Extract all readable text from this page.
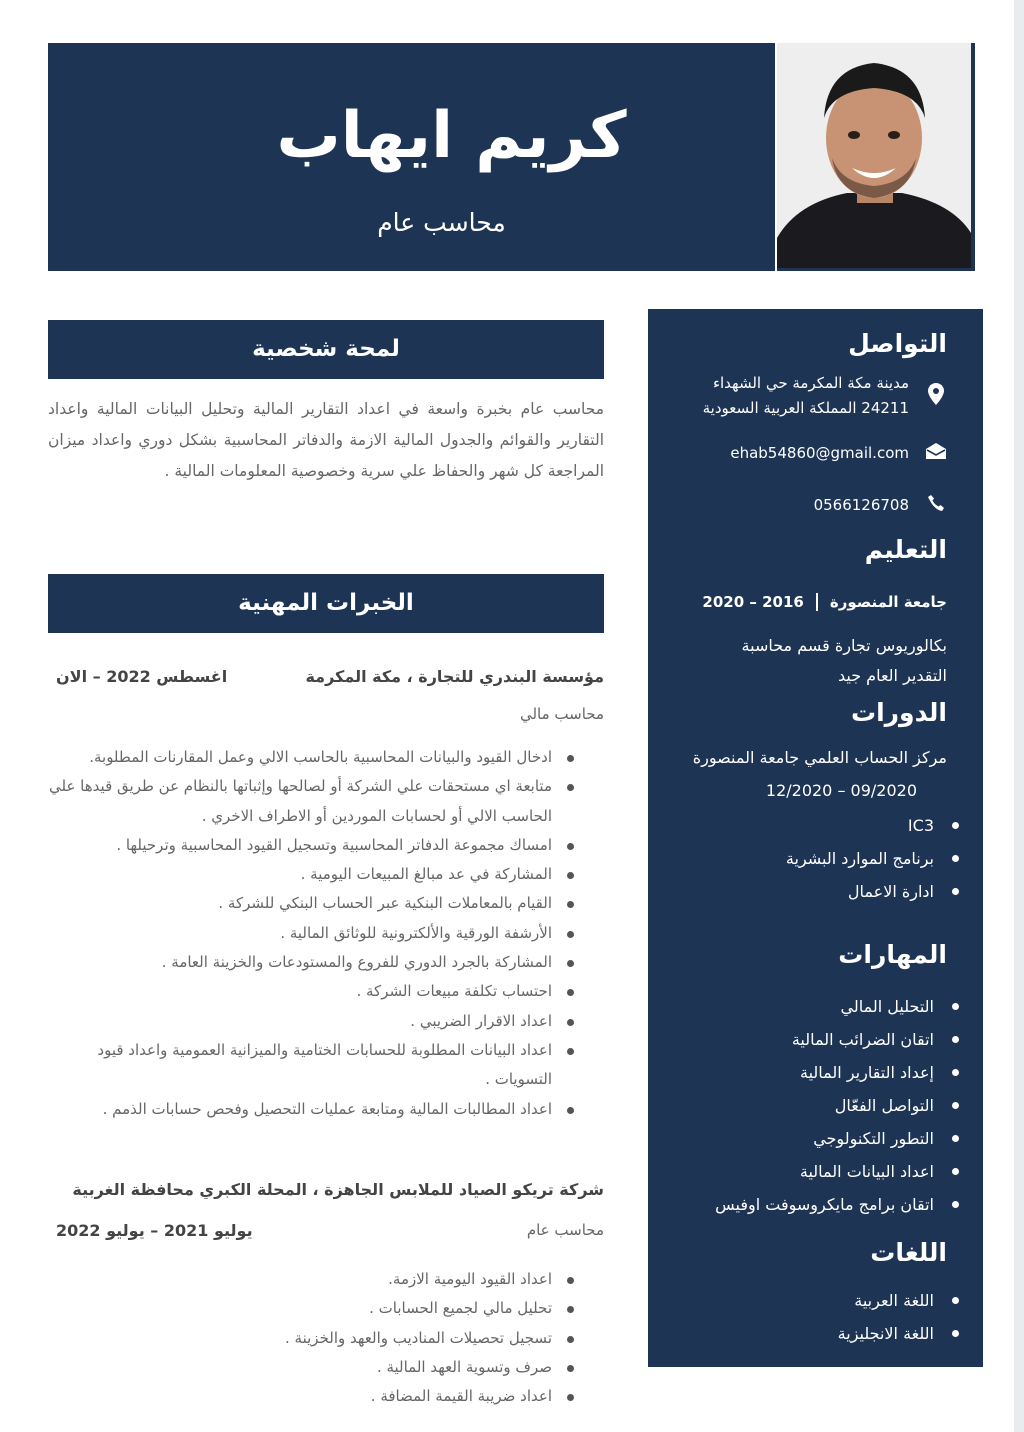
كريم ايهاب
محاسب عام
التواصل
مدينة مكة المكرمة حي الشهداء
24211 المملكة العربية السعودية
ehab54860@gmail.com
0566126708
التعليم
جامعة المنصورة
2016 – 2020
بكالوريوس تجارة قسم محاسبة
التقدير العام جيد
الدورات
مركز الحساب العلمي جامعة المنصورة
09/2020 – 12/2020
IC3
برنامج الموارد البشرية
ادارة الاعمال
المهارات
التحليل المالي
اتقان الضرائب المالية
إعداد التقارير المالية
التواصل الفعّال
التطور التكنولوجي
اعداد البيانات المالية
اتقان برامج مايكروسوفت اوفيس
اللغات
اللغة العربية
اللغة الانجليزية
لمحة شخصية
محاسب عام بخبرة واسعة في اعداد التقارير المالية وتحليل البيانات المالية واعداد التقارير والقوائم والجدول المالية الازمة والدفاتر المحاسبية بشكل دوري واعداد ميزان المراجعة كل شهر والحفاظ علي سرية وخصوصية المعلومات المالية .
الخبرات المهنية
مؤسسة البندري للتجارة ، مكة المكرمة
اغسطس 2022 – الان
محاسب مالي
ادخال القيود والبيانات المحاسبية بالحاسب الالي وعمل المقارنات المطلوبة.
متابعة اي مستحقات علي الشركة أو لصالحها وإثباتها بالنظام عن طريق قيدها علي الحاسب الالي أو لحسابات الموردين أو الاطراف الاخري .
امساك مجموعة الدفاتر المحاسبية وتسجيل القيود المحاسبية وترحيلها .
المشاركة في عد مبالغ المبيعات اليومية .
القيام بالمعاملات البنكية عبر الحساب البنكي للشركة .
الأرشفة الورقية والألكترونية للوثائق المالية .
المشاركة بالجرد الدوري للفروع والمستودعات والخزينة العامة .
احتساب تكلفة مبيعات الشركة .
اعداد الاقرار الضريبي .
اعداد البيانات المطلوبة للحسابات الختامية والميزانية العمومية واعداد قيود التسويات .
اعداد المطالبات المالية ومتابعة عمليات التحصيل وفحص حسابات الذمم .
شركة تريكو الصياد للملابس الجاهزة ، المحلة الكبري محافظة الغربية
محاسب عام
يوليو 2021 – يوليو 2022
اعداد القيود اليومية الازمة.
تحليل مالي لجميع الحسابات .
تسجيل تحصيلات المناديب والعهد والخزينة .
صرف وتسوية العهد المالية .
اعداد ضريبة القيمة المضافة .
